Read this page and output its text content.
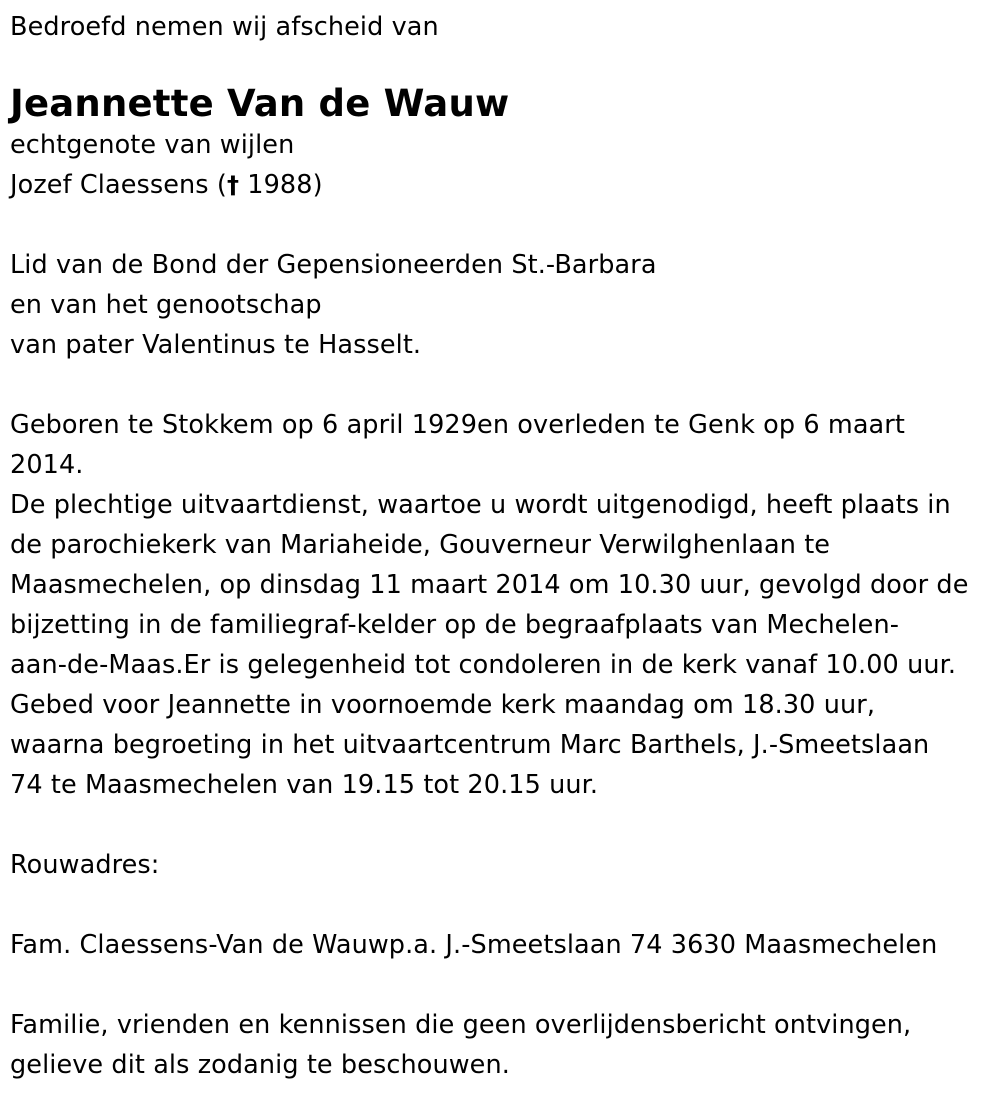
Bedroefd nemen wij afscheid van
Jeannette Van de Wauw
echtgenote van wijlen
Jozef Claessens († 1988)
Lid van de Bond der Gepensioneerden St.-Barbara
en van het genootschap
van pater Valentinus te Hasselt.
Geboren te Stokkem op 6 april 1929en overleden te Genk op 6 maart
2014.
De plechtige uitvaartdienst, waartoe u wordt uitgenodigd, heeft plaats in
de parochiekerk van Mariaheide, Gouverneur Verwilghenlaan te
Maasmechelen, op dinsdag 11 maart 2014 om 10.30 uur, gevolgd door de
bijzetting in de familiegraf-kelder op de begraafplaats van Mechelen-
aan-de-Maas.Er is gelegenheid tot condoleren in de kerk vanaf 10.00 uur.
Gebed voor Jeannette in voornoemde kerk maandag om 18.30 uur,
waarna begroeting in het uitvaartcentrum Marc Barthels, J.-Smeetslaan
74 te Maasmechelen van 19.15 tot 20.15 uur.
Rouwadres:
Fam. Claessens-Van de Wauwp.a. J.-Smeetslaan 74 3630 Maasmechelen
Familie, vrienden en kennissen die geen overlijdensbericht ontvingen,
gelieve dit als zodanig te beschouwen.
